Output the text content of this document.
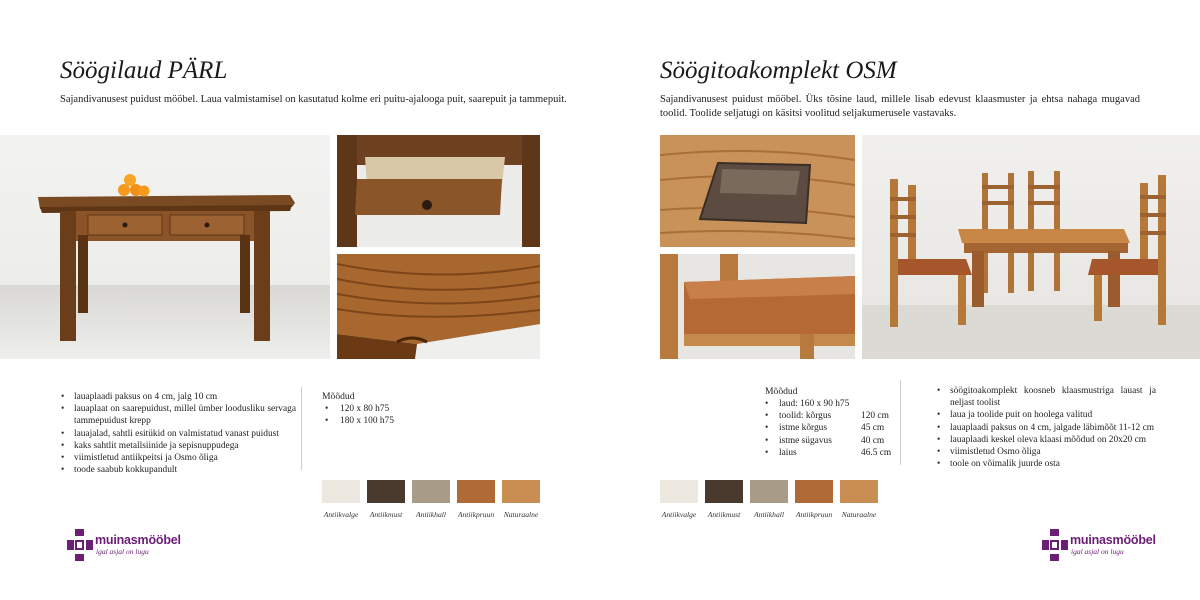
Söögilaud PÄRL
Sajandivanusest puidust mööbel. Laua valmistamisel on kasutatud kolme eri puitu-ajalooga puit, saarepuit ja tammepuit.
• lauaplaadi paksus on 4 cm, jalg 10 cm
• lauaplaat on saarepuidust, millel ümber loodusliku servaga tammepuidust krepp
• lauajalad, sahtli esitükid on valmistatud vanast puidust
• kaks sahtlit metallsiinide ja sepisnuppudega
• viimistletud antiikpeitsi ja Osmo õliga
• toode saabub kokkupandult
Mõõdud
• 120 x 80 h75
• 180 x 100 h75
Antiikvalge	Antiikmust	Antiikhall	Antiikpruun	Naturaalne
muinasmööbel
igal asjal on lugu
Söögitoakomplekt OSM
Sajandivanusest puidust mööbel. Üks tõsine laud, millele lisab edevust klaasmuster ja ehtsa nahaga mugavad toolid. Toolide seljatugi on käsitsi voolitud seljakumerusele vastavaks.
Mõõdud
•	laud: 160 x 90 h75	
•	toolid: kõrgus	120 cm
•	istme kõrgus	45 cm
•	istme sügavus	40 cm
•	laius	46.5 cm
• söögitoakomplekt koosneb klaasmustriga lauast ja neljast toolist
• laua ja toolide puit on hoolega valitud
• lauaplaadi paksus on 4 cm, jalgade läbimõõt 11-12 cm
• lauaplaadi keskel oleva klaasi mõõdud on 20x20 cm
• viimistletud Osmo õliga
• toole on võimalik juurde osta
Antiikvalge	Antiikmust	Antiikhall	Antiikpruun	Naturaalne
muinasmööbel
igal asjal on lugu
